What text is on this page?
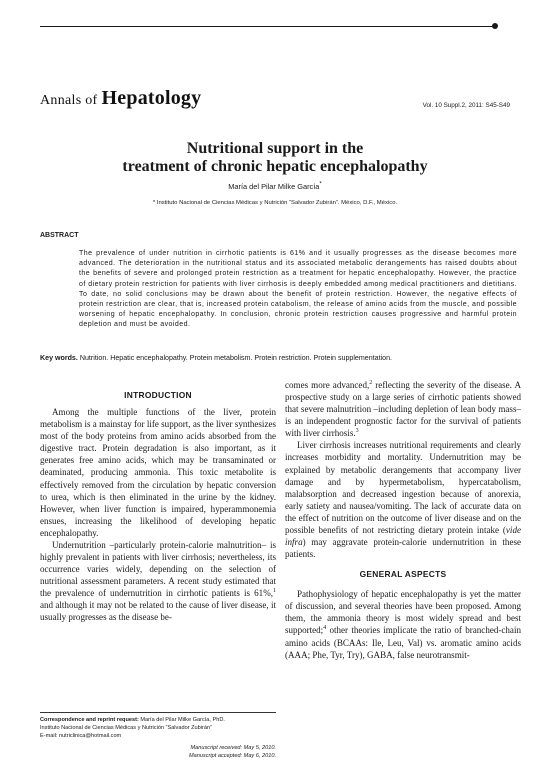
Annals of Hepatology	Vol. 10 Suppl.2, 2011: S45-S49
Nutritional support in the
treatment of chronic hepatic encephalopathy
María del Pilar Milke García*
* Instituto Nacional de Ciencias Médicas y Nutrición “Salvador Zubirán”. México, D.F., México.
ABSTRACT
The prevalence of under nutrition in cirrhotic patients is 61% and it usually progresses as the disease becomes more advanced. The deterioration in the nutritional status and its associated metabolic derangements has raised doubts about the benefits of severe and prolonged protein restriction as a treatment for hepatic encephalopathy. However, the practice of dietary protein restriction for patients with liver cirrhosis is deeply embedded among medical practitioners and dietitians. To date, no solid conclusions may be drawn about the benefit of protein restriction. However, the negative effects of protein restriction are clear, that is, increased protein catabolism, the release of amino acids from the muscle, and possible worsening of hepatic encephalopathy. In conclusion, chronic protein restriction causes progressive and harmful protein depletion and must be avoided.
Key words. Nutrition. Hepatic encephalopathy. Protein metabolism. Protein restriction. Protein supplementation.
INTRODUCTION

Among the multiple functions of the liver, protein metabolism is a mainstay for life support, as the liver synthesizes most of the body proteins from amino acids absorbed from the digestive tract. Protein degradation is also important, as it generates free amino acids, which may be transaminated or deaminated, producing ammonia. This toxic metabolite is effectively removed from the circulation by hepatic conversion to urea, which is then eliminated in the urine by the kidney. However, when liver function is impaired, hyperammonemia ensues, increasing the likelihood of developing hepatic encephalopathy.

Undernutrition –particularly protein-calorie malnutrition– is highly prevalent in patients with liver cirrhosis; nevertheless, its occurrence varies widely, depending on the selection of nutritional assessment parameters. A recent study estimated that the prevalence of undernutrition in cirrhotic patients is 61%,$^1$ and although it may not be related to the cause of liver disease, it usually progresses as the disease be-

comes more advanced,$^2$ reflecting the severity of the disease. A prospective study on a large series of cirrhotic patients showed that severe malnutrition –including depletion of lean body mass– is an independent prognostic factor for the survival of patients with liver cirrhosis.$^3$

Liver cirrhosis increases nutritional requirements and clearly increases morbidity and mortality. Undernutrition may be explained by metabolic derangements that accompany liver damage and by hypermetabolism, hypercatabolism, malabsorption and decreased ingestion because of anorexia, early satiety and nausea/vomiting. The lack of accurate data on the effect of nutrition on the outcome of liver disease and on the possible benefits of not restricting dietary protein intake (vide infra) may aggravate protein-calorie undernutrition in these patients.

GENERAL ASPECTS

Pathophysiology of hepatic encephalopathy is yet the matter of discussion, and several theories have been proposed. Among them, the ammonia theory is most widely spread and best supported;$^4$ other theories implicate the ratio of branched-chain amino acids (BCAAs: Ile, Leu, Val) vs. aromatic amino acids (AAA; Phe, Tyr, Try), GABA, false neurotransmit-

Correspondence and reprint request: María del Pilar Milke García, PhD.
Instituto Nacional de Ciencias Médicas y Nutrición “Salvador Zubirán”
E-mail: nutriclinica@hotmail.com
Manuscript received: May 5, 2010.
Manuscript accepted: May 6, 2010.
